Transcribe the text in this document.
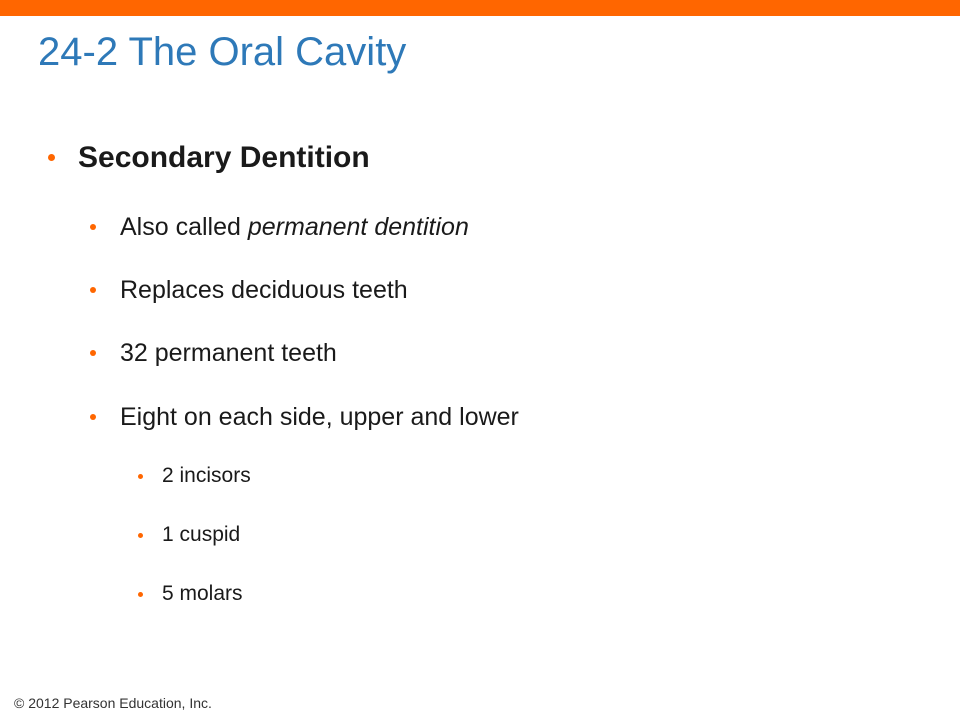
24-2 The Oral Cavity
Secondary Dentition
Also called permanent dentition
Replaces deciduous teeth
32 permanent teeth
Eight on each side, upper and lower
2 incisors
1 cuspid
5 molars
© 2012 Pearson Education, Inc.
